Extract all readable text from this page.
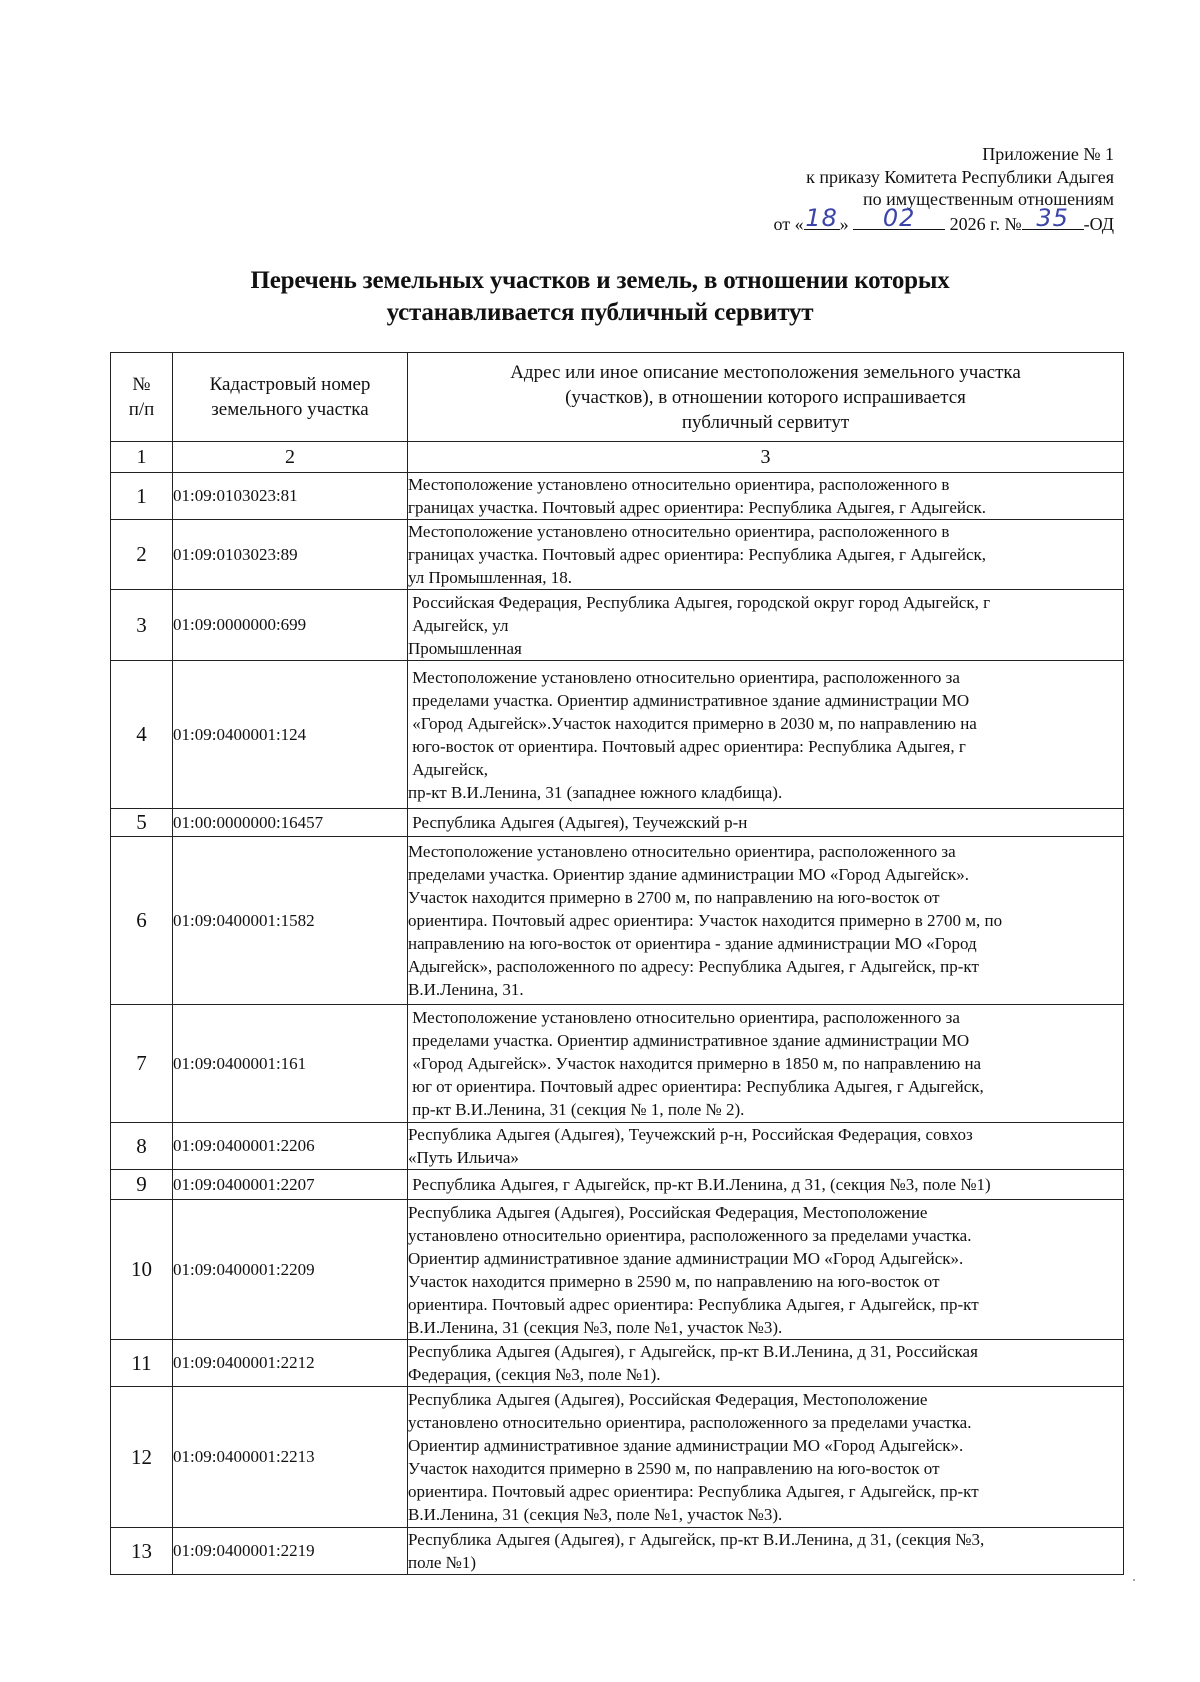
Приложение № 1
к приказу Комитета Республики Адыгея
по имущественным отношениям
от « 18 »	02	2026 г. № 35 -ОД
Перечень земельных участков и земель, в отношении которых
устанавливается публичный сервитут
№
п/п

Кадастровый номер
земельного участка

Адрес или иное описание местоположения земельного участка
(участков), в отношении которого испрашивается
публичный сервитут

1	2	3
1	01:09:0103023:81	Местоположение установлено относительно ориентира, расположенного в
границах участка. Почтовый адрес ориентира: Республика Адыгея, г Адыгейск.

2	01:09:0103023:89	Местоположение установлено относительно ориентира, расположенного в
границах участка. Почтовый адрес ориентира: Республика Адыгея, г Адыгейск,
ул Промышленная, 18.

3	01:09:0000000:699	Российская Федерация, Республика Адыгея, городской округ город Адыгейск, г
Адыгейск, ул
Промышленная

4	01:09:0400001:124	
Местоположение установлено относительно ориентира, расположенного за
пределами участка. Ориентир административное здание администрации МО
«Город Адыгейск».Участок находится примерно в 2030 м, по направлению на
юго-восток от ориентира. Почтовый адрес ориентира: Республика Адыгея, г
Адыгейск,
пр-кт В.И.Ленина, 31 (западнее южного кладбища).

5	01:00:0000000:16457	Республика Адыгея (Адыгея), Теучежский р-н

6	01:09:0400001:1582	
Местоположение установлено относительно ориентира, расположенного за
пределами участка. Ориентир здание администрации МО «Город Адыгейск».
Участок находится примерно в 2700 м, по направлению на юго-восток от
ориентира. Почтовый адрес ориентира: Участок находится примерно в 2700 м, по
направлению на юго-восток от ориентира - здание администрации МО «Город
Адыгейск», расположенного по адресу: Республика Адыгея, г Адыгейск, пр-кт
В.И.Ленина, 31.

7	01:09:0400001:161	Местоположение установлено относительно ориентира, расположенного за
пределами участка. Ориентир административное здание администрации МО
«Город Адыгейск». Участок находится примерно в 1850 м, по направлению на
юг от ориентира. Почтовый адрес ориентира: Республика Адыгея, г Адыгейск,
пр-кт В.И.Ленина, 31 (секция № 1, поле № 2).

8	01:09:0400001:2206	Республика Адыгея (Адыгея), Теучежский р-н, Российская Федерация, совхоз
«Путь Ильича»

9	01:09:0400001:2207	Республика Адыгея, г Адыгейск, пр-кт В.И.Ленина, д 31, (секция №3, поле №1)

10	01:09:0400001:2209	
Республика Адыгея (Адыгея), Российская Федерация, Местоположение
установлено относительно ориентира, расположенного за пределами участка.
Ориентир административное здание администрации МО «Город Адыгейск».
Участок находится примерно в 2590 м, по направлению на юго-восток от
ориентира. Почтовый адрес ориентира: Республика Адыгея, г Адыгейск, пр-кт
В.И.Ленина, 31 (секция №3, поле №1, участок №3).

11	01:09:0400001:2212	Республика Адыгея (Адыгея), г Адыгейск, пр-кт В.И.Ленина, д 31, Российская
Федерация, (секция №3, поле №1).

12	01:09:0400001:2213	
Республика Адыгея (Адыгея), Российская Федерация, Местоположение
установлено относительно ориентира, расположенного за пределами участка.
Ориентир административное здание администрации МО «Город Адыгейск».
Участок находится примерно в 2590 м, по направлению на юго-восток от
ориентира. Почтовый адрес ориентира: Республика Адыгея, г Адыгейск, пр-кт
В.И.Ленина, 31 (секция №3, поле №1, участок №3).

13	01:09:0400001:2219	Республика Адыгея (Адыгея), г Адыгейск, пр-кт В.И.Ленина, д 31, (секция №3,
поле №1)
